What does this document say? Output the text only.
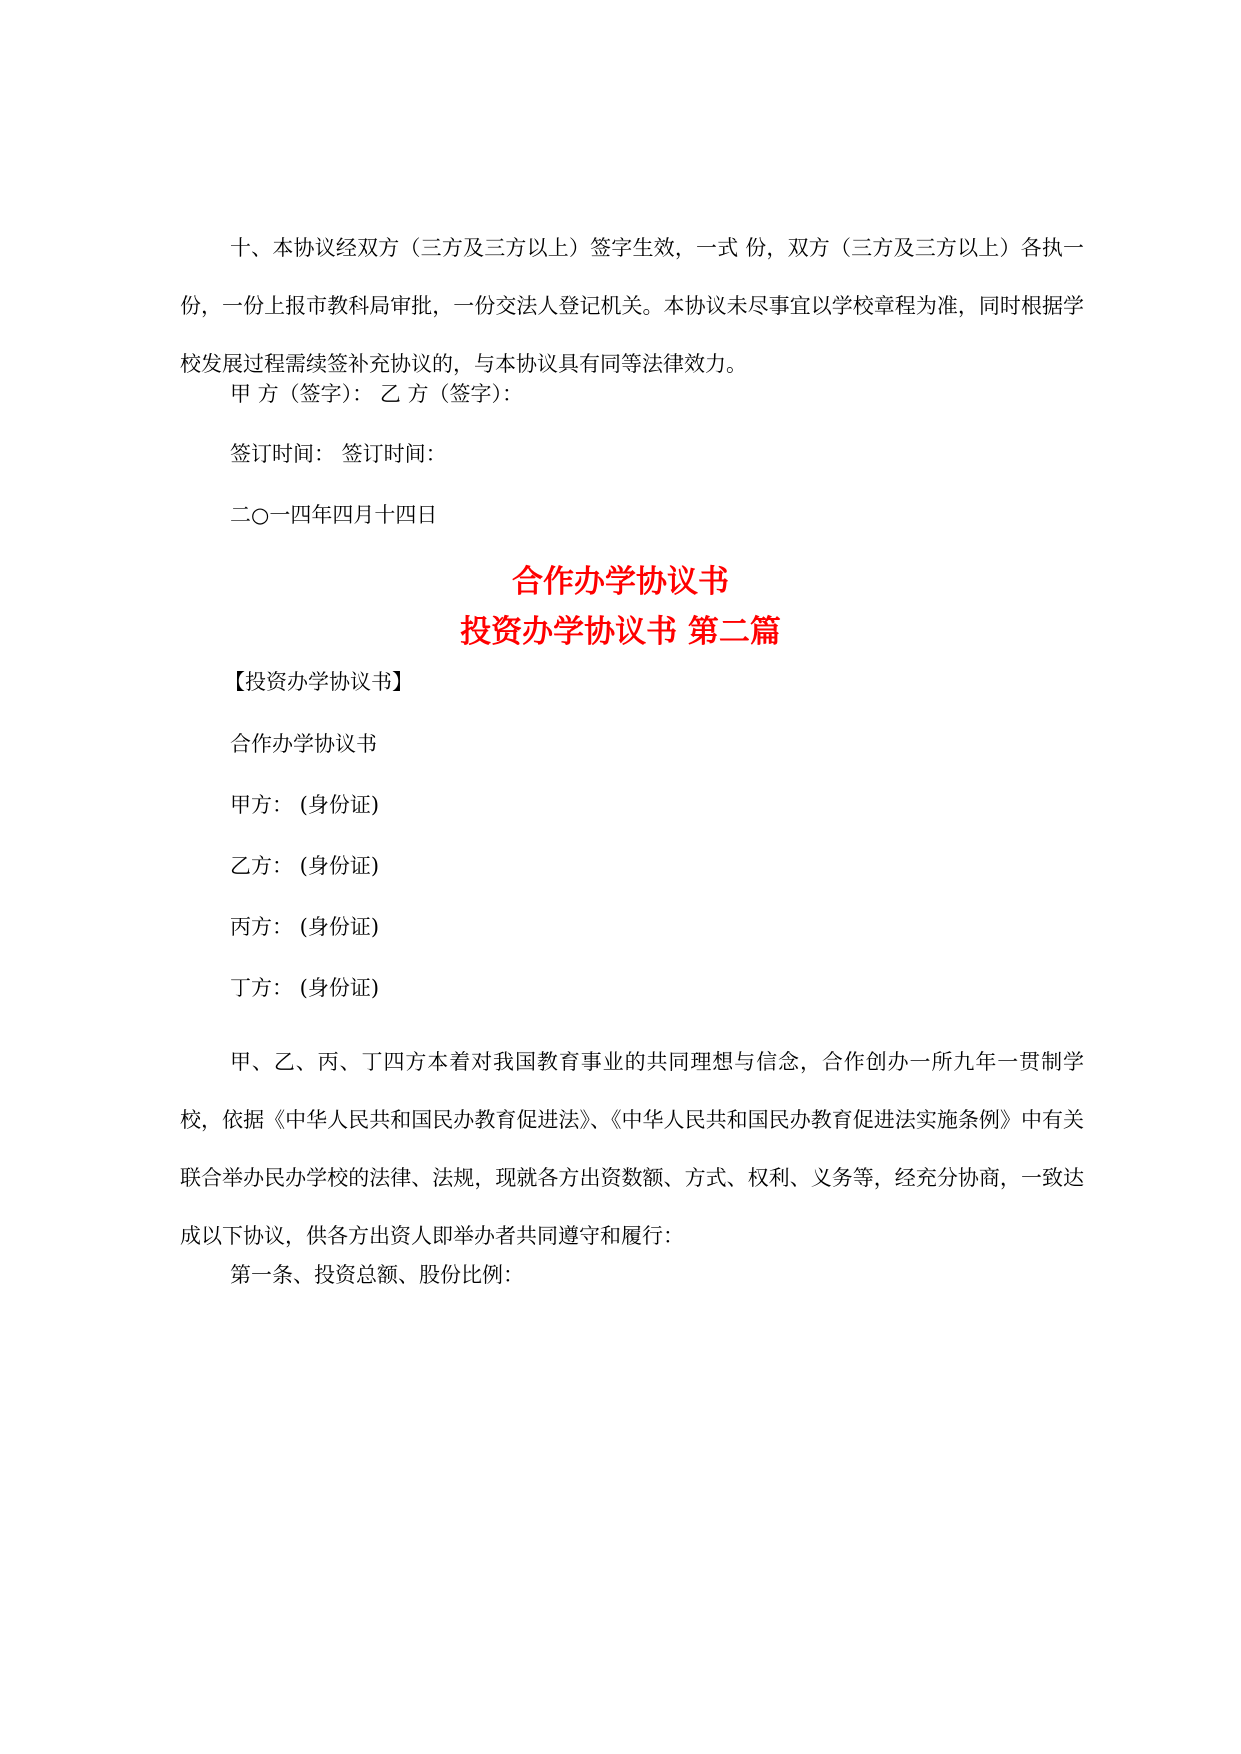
十、本协议经双方（三方及三方以上）签字生效，一式 份，双方（三方及三方以上）各执一份，一份上报市教科局审批，一份交法人登记机关。本协议未尽事宜以学校章程为准，同时根据学校发展过程需续签补充协议的，与本协议具有同等法律效力。

甲 方（签字）： 乙 方（签字）：

签订时间： 签订时间：

二○一四年四月十四日

合作办学协议书
投资办学协议书 第二篇

【投资办学协议书】

合作办学协议书

甲方： (身份证)

乙方： (身份证)

丙方： (身份证)

丁方： (身份证)

甲、乙、丙、丁四方本着对我国教育事业的共同理想与信念，合作创办一所九年一贯制学校，依据《中华人民共和国民办教育促进法》、《中华人民共和国民办教育促进法实施条例》中有关联合举办民办学校的法律、法规，现就各方出资数额、方式、权利、义务等，经充分协商，一致达成以下协议，供各方出资人即举办者共同遵守和履行：

第一条、投资总额、股份比例：
